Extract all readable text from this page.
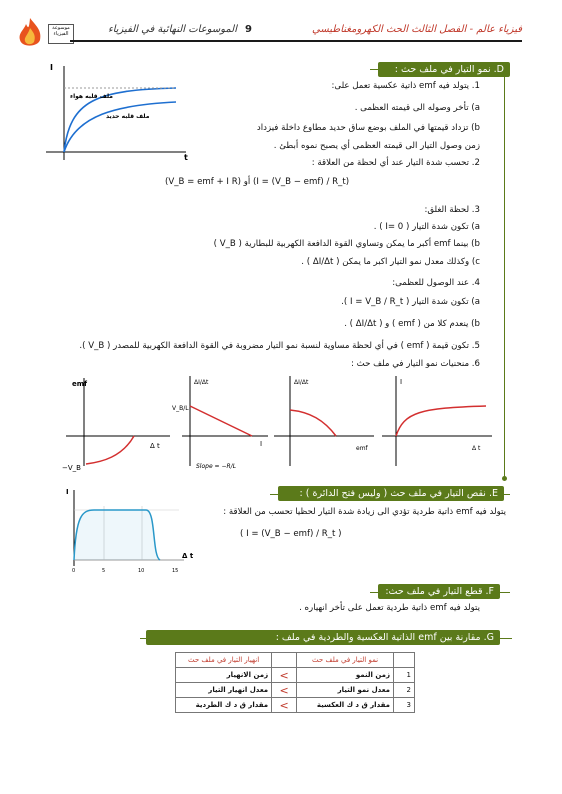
موسوعة الفيزياء	الموسوعات النهائية في الفيزياء 9	فيزياء عالم - الفصل الثالث الحث الكهرومغناطيسي
D. نمو التيار في ملف حث :
I
t
ملف قلبه هواء
ملف قلبه حديد
1. يتولد فيه emf ذاتية عكسية تعمل على:
a) تأخر وصوله الى قيمته العظمى .
b) تزداد قيمتها في الملف بوضع ساق حديد مطاوع داخلة فيزداد
زمن وصول التيار الى قيمته العظمى أي يصبح نموه أبطئ .
2. تحسب شدة التيار عند أي لحظة من العلاقة :
(V_B = emf + I R) أو (I = (V_B − emf) / R_t)
3. لحظة الغلق:
a) تكون شدة التيار ( I= 0 ) .
b) بينما emf أكبر ما يمكن وتساوي القوة الدافعة الكهربية للبطارية ( V_B )
c) وكذلك معدل نمو التيار اكبر ما يمكن ( ΔI/Δt ) .
4. عند الوصول للعظمى:
a) تكون شدة التيار ( I = V_B / R_t ).
b) ينعدم كلا من ( emf ) و ( ΔI/Δt ) .
5. تكون قيمة ( emf ) في أي لحظة مساوية لنسبة نمو التيار مضروبة في القوة الدافعة الكهربية للمصدر ( V_B ).
6. منحنيات نمو التيار في ملف حث :
emf
Δ t
−V_B
ΔI/Δt
I
V_B/L
Slope = −R/L
ΔI/Δt
emf
I
Δ t
E. نقص التيار في ملف حث ( وليس فتح الدائرة ) :
يتولد فيه emf ذاتية طردية تؤدي الى زيادة شدة التيار لحظيا تحسب من العلاقة :
( I = (V_B − emf) / R_t )
I
Δ t
0	5	10	15
F. قطع التيار في ملف حث:
يتولد فيه emf ذاتية طردية تعمل على تأخر انهياره .
G. مقارنة بين emf الذاتية العكسية والطردية في ملف :
	نمو التيار في ملف حث		انهيار التيار في ملف حث
1	زمن النمو	>	زمن الانهيار
2	معدل نمو التيار	>	معدل انهيار التيار
3	مقدار ق د ك العكسية	>	مقدار ق د ك الطردية
